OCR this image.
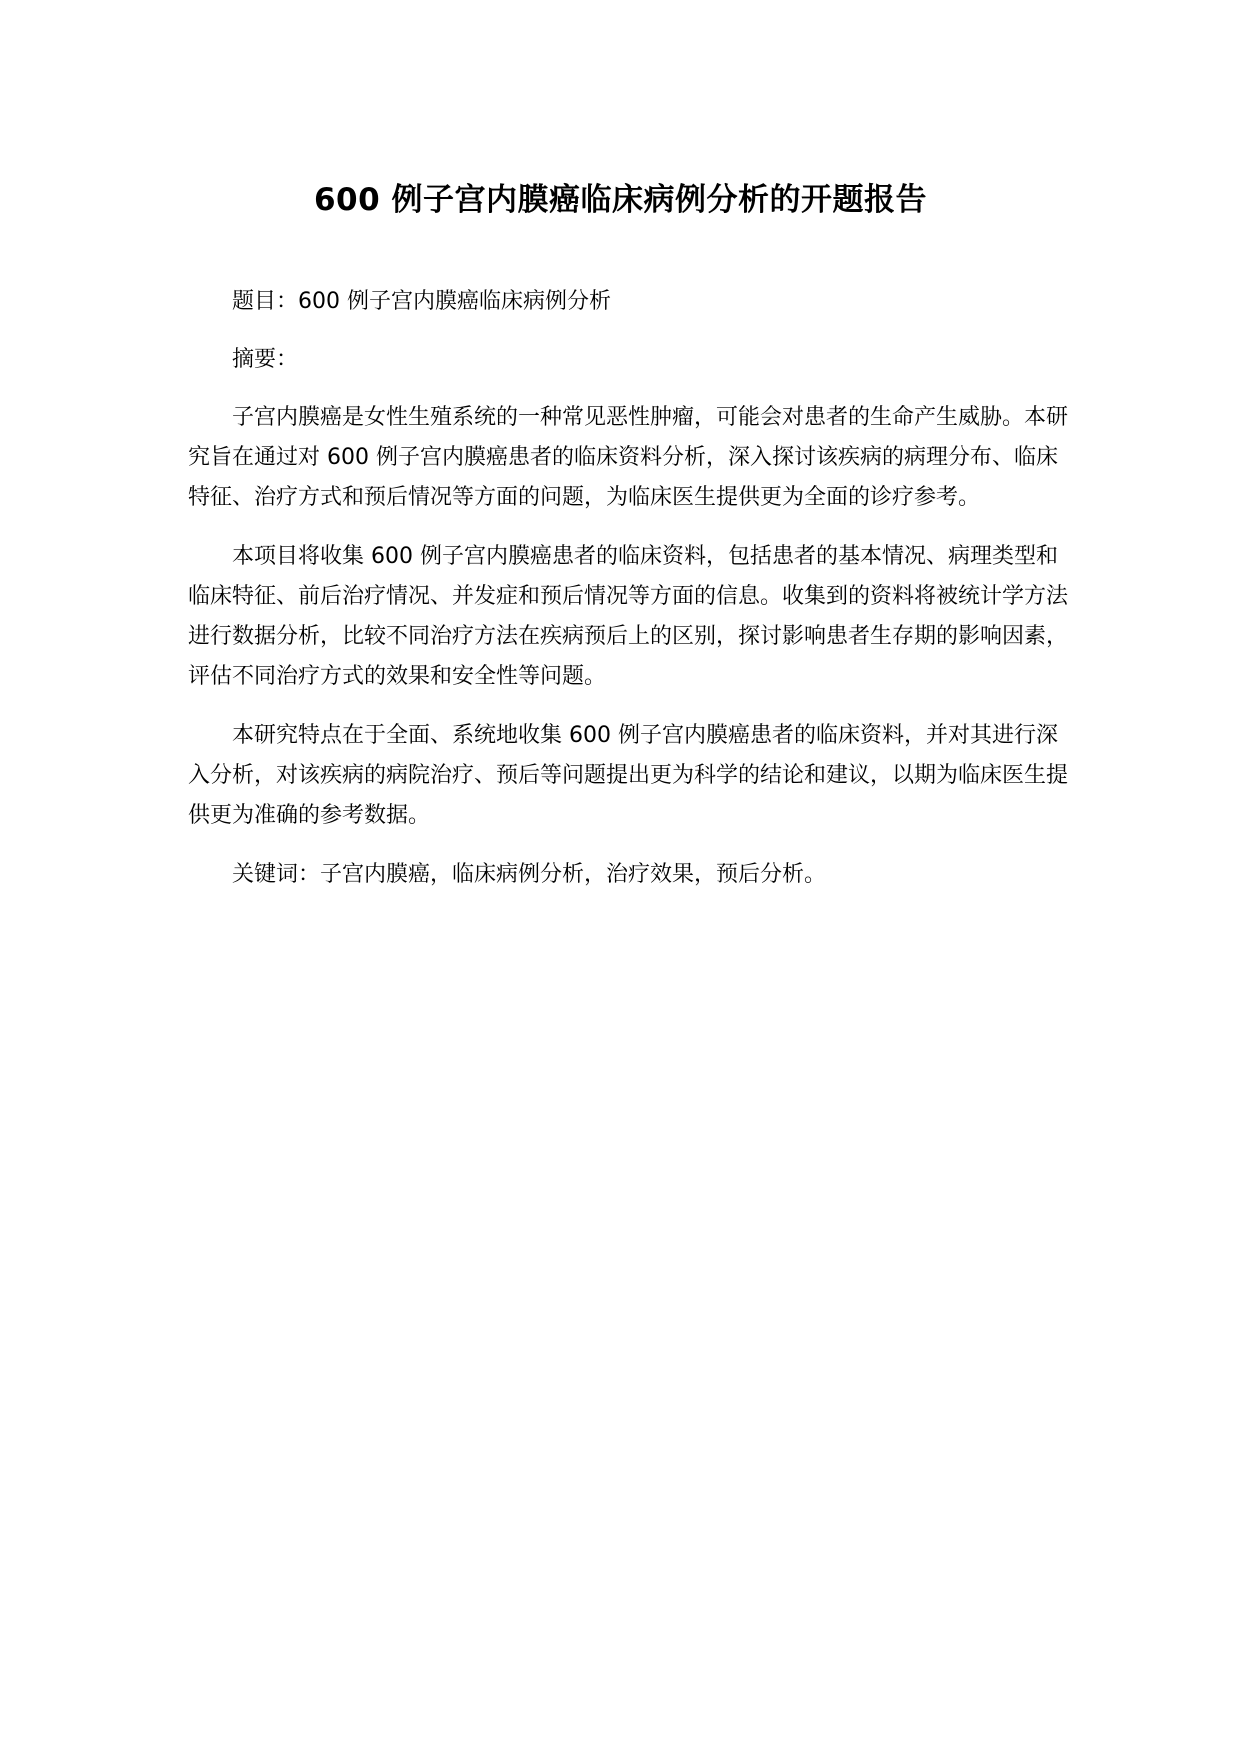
600 例子宫内膜癌临床病例分析的开题报告

题目：600 例子宫内膜癌临床病例分析

摘要：

子宫内膜癌是女性生殖系统的一种常见恶性肿瘤，可能会对患者的生命产生威胁。本研究旨在通过对 600 例子宫内膜癌患者的临床资料分析，深入探讨该疾病的病理分布、临床特征、治疗方式和预后情况等方面的问题，为临床医生提供更为全面的诊疗参考。

本项目将收集 600 例子宫内膜癌患者的临床资料，包括患者的基本情况、病理类型和临床特征、前后治疗情况、并发症和预后情况等方面的信息。收集到的资料将被统计学方法进行数据分析，比较不同治疗方法在疾病预后上的区别，探讨影响患者生存期的影响因素，评估不同治疗方式的效果和安全性等问题。

本研究特点在于全面、系统地收集 600 例子宫内膜癌患者的临床资料，并对其进行深入分析，对该疾病的病院治疗、预后等问题提出更为科学的结论和建议，以期为临床医生提供更为准确的参考数据。

关键词：子宫内膜癌，临床病例分析，治疗效果，预后分析。
